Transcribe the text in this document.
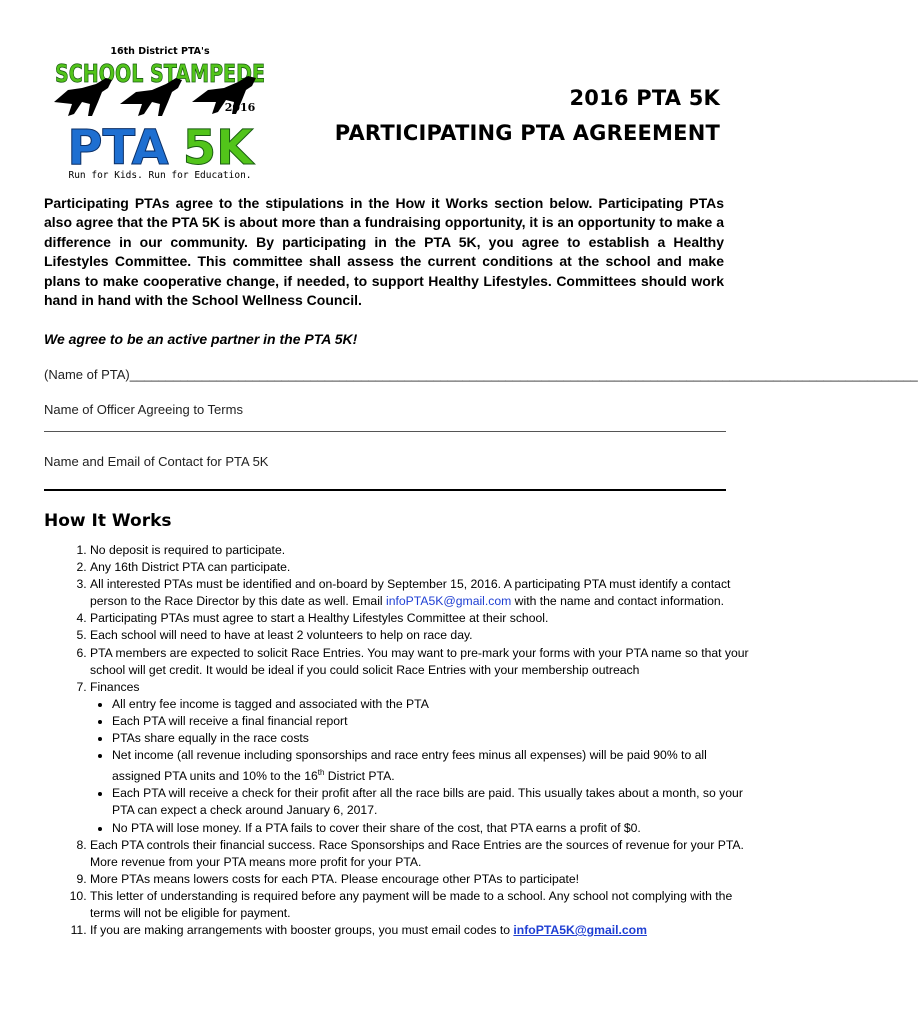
16th District PTA's
SCHOOL STAMPEDE
2016
PTA 5K
Run for Kids. Run for Education.
2016 PTA 5K
PARTICIPATING PTA AGREEMENT
Participating PTAs agree to the stipulations in the How it Works section below. Participating PTAs also agree that the PTA 5K is about more than a fundraising opportunity, it is an opportunity to make a difference in our community. By participating in the PTA 5K, you agree to establish a Healthy Lifestyles Committee. This committee shall assess the current conditions at the school and make plans to make cooperative change, if needed, to support Healthy Lifestyles. Committees should work hand in hand with the School Wellness Council.
We agree to be an active partner in the PTA 5K!
(Name of PTA)_____________________________________________________________________________________________________________
Name of Officer Agreeing to Terms
Name and Email of Contact for PTA 5K
How It Works
1. No deposit is required to participate.
2. Any 16th District PTA can participate.
3. All interested PTAs must be identified and on-board by September 15, 2016. A participating PTA must identify a contact person to the Race Director by this date as well. Email infoPTA5K@gmail.com with the name and contact information.
4. Participating PTAs must agree to start a Healthy Lifestyles Committee at their school.
5. Each school will need to have at least 2 volunteers to help on race day.
6. PTA members are expected to solicit Race Entries. You may want to pre-mark your forms with your PTA name so that your school will get credit. It would be ideal if you could solicit Race Entries with your membership outreach
7. Finances
• All entry fee income is tagged and associated with the PTA
• Each PTA will receive a final financial report
• PTAs share equally in the race costs
• Net income (all revenue including sponsorships and race entry fees minus all expenses) will be paid 90% to all assigned PTA units and 10% to the 16th District PTA.
• Each PTA will receive a check for their profit after all the race bills are paid. This usually takes about a month, so your PTA can expect a check around January 6, 2017.
• No PTA will lose money. If a PTA fails to cover their share of the cost, that PTA earns a profit of $0.
8. Each PTA controls their financial success. Race Sponsorships and Race Entries are the sources of revenue for your PTA. More revenue from your PTA means more profit for your PTA.
9. More PTAs means lowers costs for each PTA. Please encourage other PTAs to participate!
10. This letter of understanding is required before any payment will be made to a school. Any school not complying with the terms will not be eligible for payment.
11. If you are making arrangements with booster groups, you must email codes to infoPTA5K@gmail.com
